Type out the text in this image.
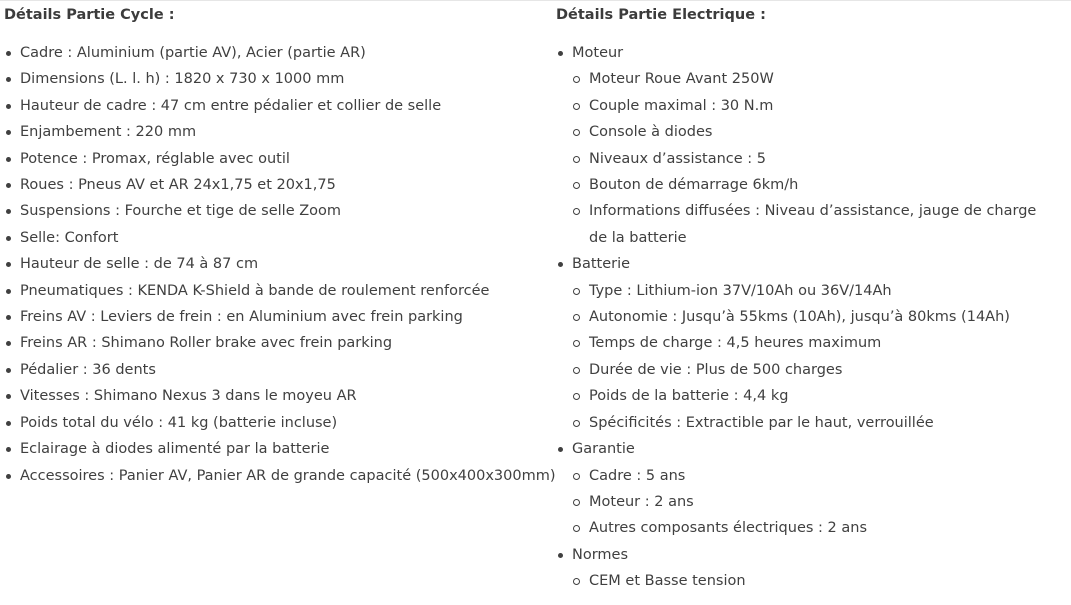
Détails Partie Cycle :
Cadre : Aluminium (partie AV), Acier (partie AR)
Dimensions (L. l. h) : 1820 x 730 x 1000 mm
Hauteur de cadre : 47 cm entre pédalier et collier de selle
Enjambement : 220 mm
Potence : Promax, réglable avec outil
Roues : Pneus AV et AR 24x1,75 et 20x1,75
Suspensions : Fourche et tige de selle Zoom
Selle: Confort
Hauteur de selle : de 74 à 87 cm
Pneumatiques : KENDA K-Shield à bande de roulement renforcée
Freins AV : Leviers de frein : en Aluminium avec frein parking
Freins AR : Shimano Roller brake avec frein parking
Pédalier : 36 dents
Vitesses : Shimano Nexus 3 dans le moyeu AR
Poids total du vélo : 41 kg (batterie incluse)
Eclairage à diodes alimenté par la batterie
Accessoires : Panier AV, Panier AR de grande capacité (500x400x300mm)
Détails Partie Electrique :
Moteur
Moteur Roue Avant 250W
Couple maximal : 30 N.m
Console à diodes
Niveaux d’assistance : 5
Bouton de démarrage 6km/h
Informations diffusées : Niveau d’assistance, jauge de charge de la batterie
Batterie
Type : Lithium-ion 37V/10Ah ou 36V/14Ah
Autonomie : Jusqu’à 55kms (10Ah), jusqu’à 80kms (14Ah)
Temps de charge : 4,5 heures maximum
Durée de vie : Plus de 500 charges
Poids de la batterie : 4,4 kg
Spécificités : Extractible par le haut, verrouillée
Garantie
Cadre : 5 ans
Moteur : 2 ans
Autres composants électriques : 2 ans
Normes
CEM et Basse tension
